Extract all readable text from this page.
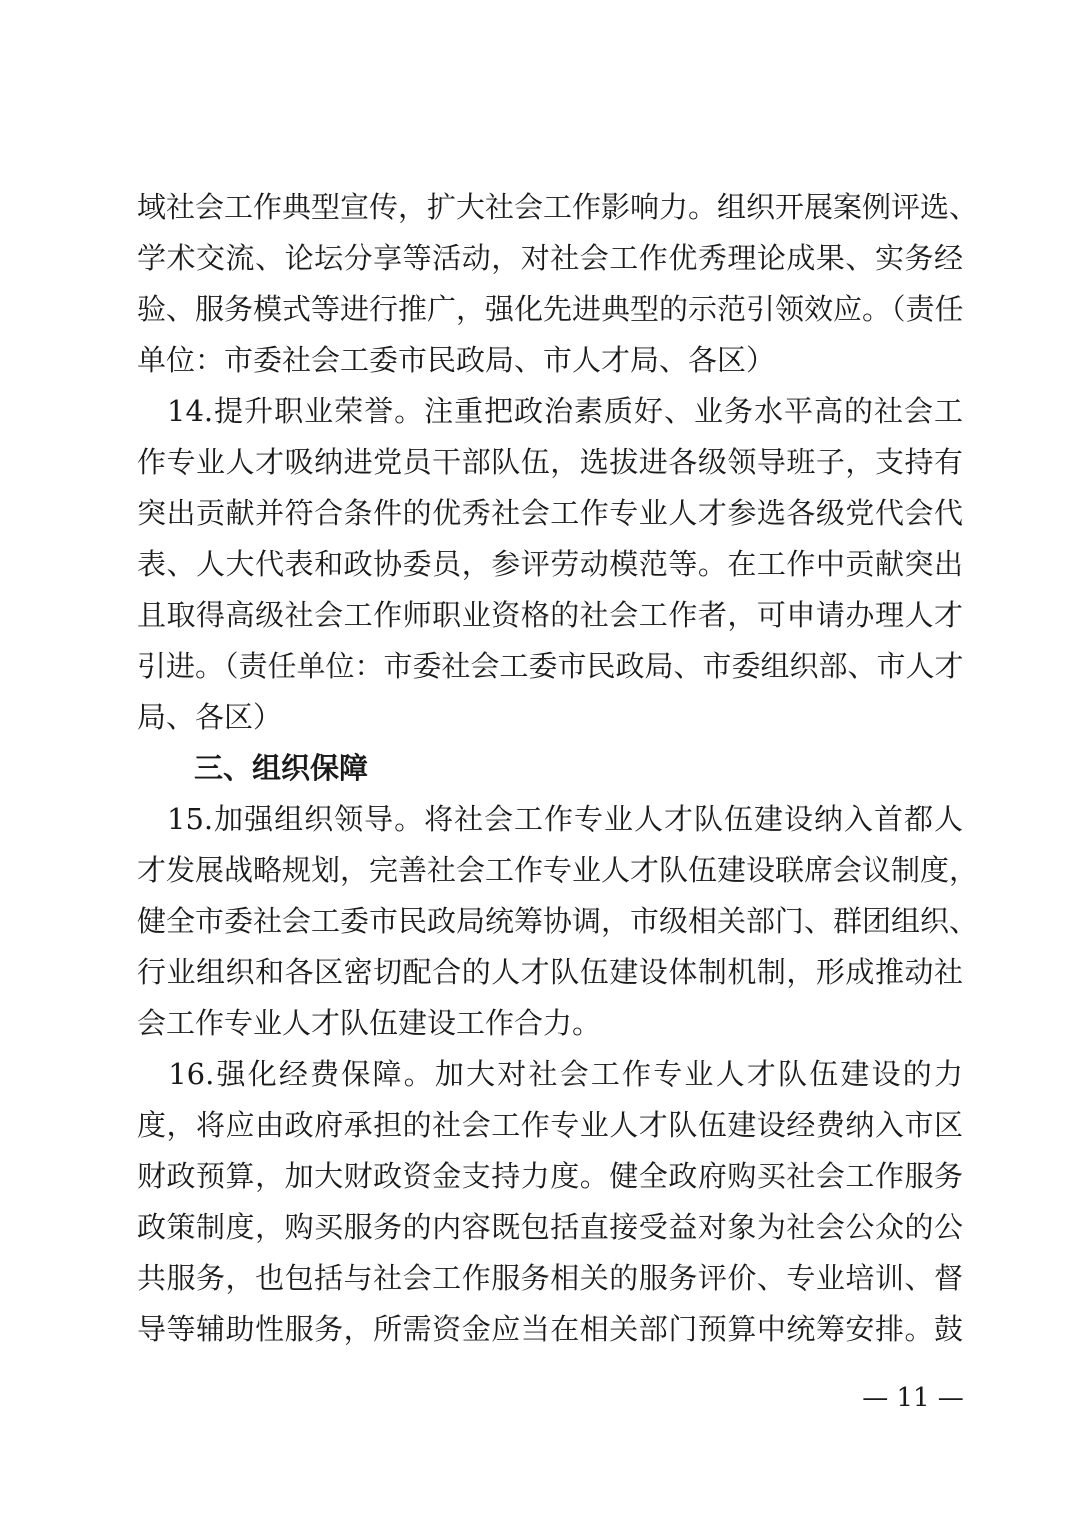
域社会工作典型宣传，扩大社会工作影响力。组织开展案例评选、
学术交流、论坛分享等活动，对社会工作优秀理论成果、实务经
验、服务模式等进行推广，强化先进典型的示范引领效应。（责任
单位：市委社会工委市民政局、市人才局、各区）
　14.提升职业荣誉。注重把政治素质好、业务水平高的社会工
作专业人才吸纳进党员干部队伍，选拔进各级领导班子，支持有
突出贡献并符合条件的优秀社会工作专业人才参选各级党代会代
表、人大代表和政协委员，参评劳动模范等。在工作中贡献突出
且取得高级社会工作师职业资格的社会工作者，可申请办理人才
引进。（责任单位：市委社会工委市民政局、市委组织部、市人才
局、各区）
三、组织保障
　15.加强组织领导。将社会工作专业人才队伍建设纳入首都人
才发展战略规划，完善社会工作专业人才队伍建设联席会议制度，
健全市委社会工委市民政局统筹协调，市级相关部门、群团组织、
行业组织和各区密切配合的人才队伍建设体制机制，形成推动社
会工作专业人才队伍建设工作合力。
　16.强化经费保障。加大对社会工作专业人才队伍建设的力
度，将应由政府承担的社会工作专业人才队伍建设经费纳入市区
财政预算，加大财政资金支持力度。健全政府购买社会工作服务
政策制度，购买服务的内容既包括直接受益对象为社会公众的公
共服务，也包括与社会工作服务相关的服务评价、专业培训、督
导等辅助性服务，所需资金应当在相关部门预算中统筹安排。鼓
— 11 —
